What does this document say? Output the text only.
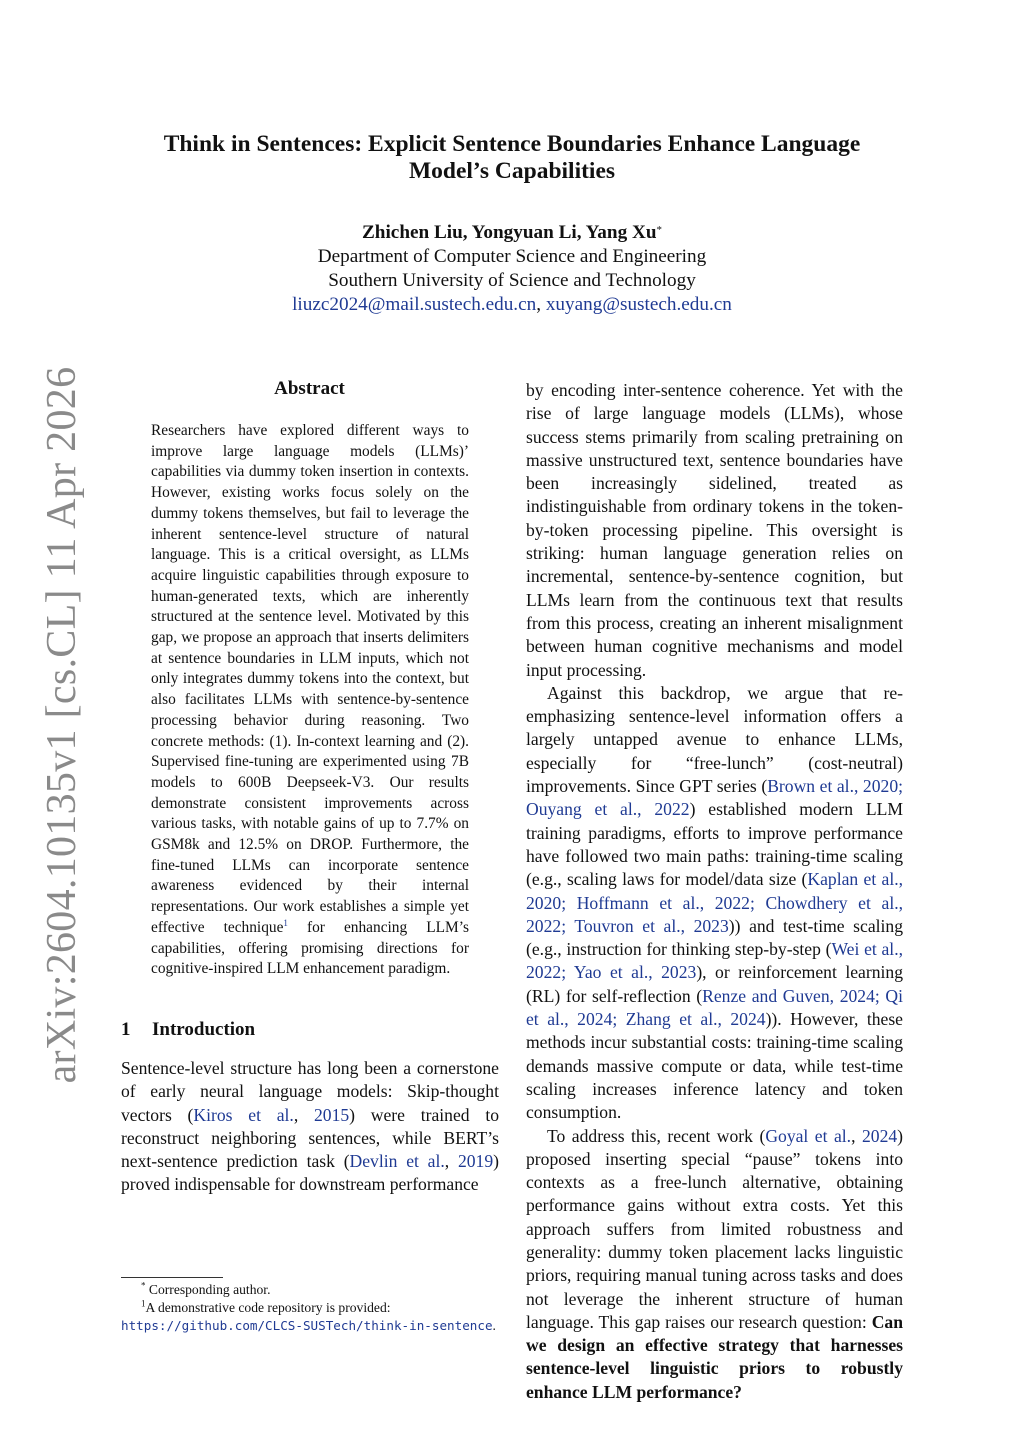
arXiv:2604.10135v1 [cs.CL] 11 Apr 2026
Think in Sentences: Explicit Sentence Boundaries Enhance Language
Model’s Capabilities
Zhichen Liu, Yongyuan Li, Yang Xu*
Department of Computer Science and Engineering
Southern University of Science and Technology
liuzc2024@mail.sustech.edu.cn, xuyang@sustech.edu.cn
Abstract
Researchers have explored different ways to improve large language models (LLMs)’ capabilities via dummy token insertion in contexts. However, existing works focus solely on the dummy tokens themselves, but fail to leverage the inherent sentence-level structure of natural language. This is a critical oversight, as LLMs acquire linguistic capabilities through exposure to human-generated texts, which are inherently structured at the sentence level. Motivated by this gap, we propose an approach that inserts delimiters at sentence boundaries in LLM inputs, which not only integrates dummy tokens into the context, but also facilitates LLMs with sentence-by-sentence processing behavior during reasoning. Two concrete methods: (1). In-context learning and (2). Supervised fine-tuning are experimented using 7B models to 600B Deepseek-V3. Our results demonstrate consistent improvements across various tasks, with notable gains of up to 7.7% on GSM8k and 12.5% on DROP. Furthermore, the fine-tuned LLMs can incorporate sentence awareness evidenced by their internal representations. Our work establishes a simple yet effective technique$^1$ for enhancing LLM’s capabilities, offering promising directions for cognitive-inspired LLM enhancement paradigm.
1 Introduction
Sentence-level structure has long been a cornerstone of early neural language models: Skip-thought vectors (Kiros et al., 2015) were trained to reconstruct neighboring sentences, while BERT’s next-sentence prediction task (Devlin et al., 2019) proved indispensable for downstream performance

by encoding inter-sentence coherence. Yet with the rise of large language models (LLMs), whose success stems primarily from scaling pretraining on massive unstructured text, sentence boundaries have been increasingly sidelined, treated as indistinguishable from ordinary tokens in the token-by-token processing pipeline. This oversight is striking: human language generation relies on incremental, sentence-by-sentence cognition, but LLMs learn from the continuous text that results from this process, creating an inherent misalignment between human cognitive mechanisms and model input processing.

Against this backdrop, we argue that re-emphasizing sentence-level information offers a largely untapped avenue to enhance LLMs, especially for “free-lunch” (cost-neutral) improvements. Since GPT series (Brown et al., 2020; Ouyang et al., 2022) established modern LLM training paradigms, efforts to improve performance have followed two main paths: training-time scaling (e.g., scaling laws for model/data size (Kaplan et al., 2020; Hoffmann et al., 2022; Chowdhery et al., 2022; Touvron et al., 2023)) and test-time scaling (e.g., instruction for thinking step-by-step (Wei et al., 2022; Yao et al., 2023), or reinforcement learning (RL) for self-reflection (Renze and Guven, 2024; Qi et al., 2024; Zhang et al., 2024)). However, these methods incur substantial costs: training-time scaling demands massive compute or data, while test-time scaling increases inference latency and token consumption.

To address this, recent work (Goyal et al., 2024) proposed inserting special “pause” tokens into contexts as a free-lunch alternative, obtaining performance gains without extra costs. Yet this approach suffers from limited robustness and generality: dummy token placement lacks linguistic priors, requiring manual tuning across tasks and does not leverage the inherent structure of human language. This gap raises our research question: Can we design an effective strategy that harnesses sentence-level linguistic priors to robustly enhance LLM performance?

* Corresponding author.

$^1$A demonstrative code repository is provided:

https://github.com/CLCS-SUSTech/think-in-sentence.
